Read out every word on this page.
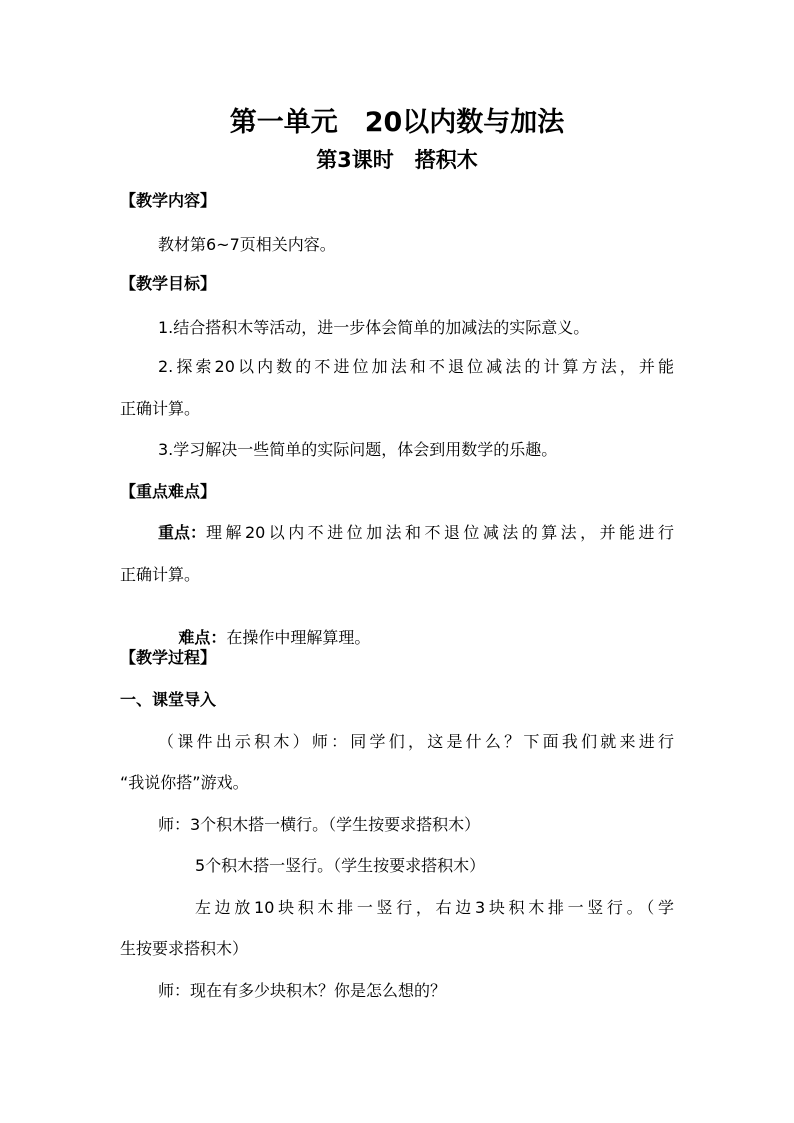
第一单元　20以内数与加法
第3课时　搭积木
【教学内容】
教材第6~7页相关内容。
【教学目标】
1.结合搭积木等活动，进一步体会简单的加减法的实际意义。
2.探索20以内数的不进位加法和不退位减法的计算方法，并能
正确计算。
3.学习解决一些简单的实际问题，体会到用数学的乐趣。
【重点难点】
重点： 理解20以内不进位加法和不退位减法的算法，并能进行
正确计算。

难点：在操作中理解算理。

【教学过程】
一、课堂导入
（课件出示积木）师：同学们，这是什么？下面我们就来进行
“我说你搭”游戏。
师：3个积木搭一横行。（学生按要求搭积木）
5个积木搭一竖行。（学生按要求搭积木）
左边放10块积木排一竖行，右边3块积木排一竖行。（学
生按要求搭积木）
师：现在有多少块积木？你是怎么想的？
